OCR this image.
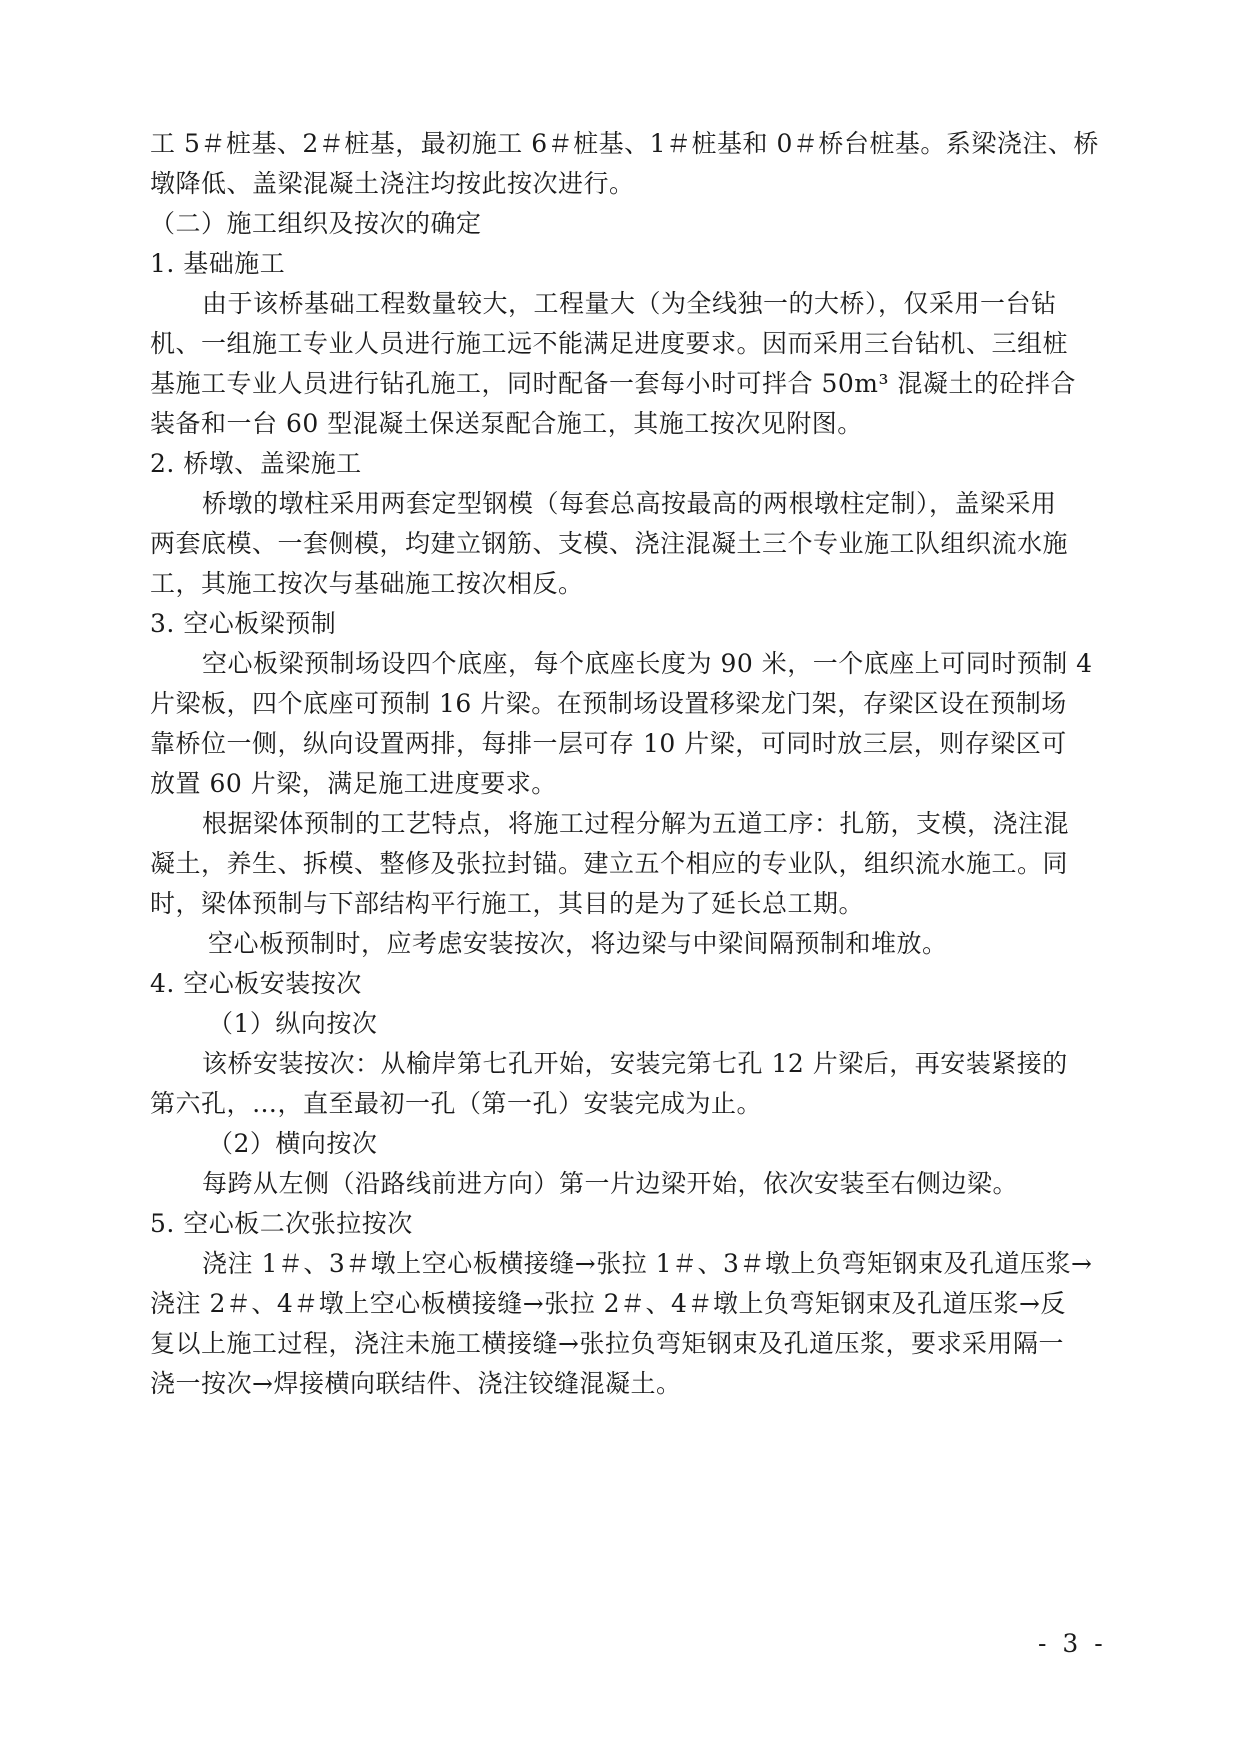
工 5＃桩基、2＃桩基，最初施工 6＃桩基、1＃桩基和 0＃桥台桩基。系梁浇注、桥
墩降低、盖梁混凝土浇注均按此按次进行。
（二）施工组织及按次的确定
1. 基础施工
由于该桥基础工程数量较大，工程量大（为全线独一的大桥），仅采用一台钻
机、一组施工专业人员进行施工远不能满足进度要求。因而采用三台钻机、三组桩
基施工专业人员进行钻孔施工，同时配备一套每小时可拌合 50m³ 混凝土的砼拌合
装备和一台 60 型混凝土保送泵配合施工，其施工按次见附图。
2. 桥墩、盖梁施工
桥墩的墩柱采用两套定型钢模（每套总高按最高的两根墩柱定制），盖梁采用
两套底模、一套侧模，均建立钢筋、支模、浇注混凝土三个专业施工队组织流水施
工，其施工按次与基础施工按次相反。
3. 空心板梁预制
空心板梁预制场设四个底座，每个底座长度为 90 米，一个底座上可同时预制 4
片梁板，四个底座可预制 16 片梁。在预制场设置移梁龙门架，存梁区设在预制场
靠桥位一侧，纵向设置两排，每排一层可存 10 片梁，可同时放三层，则存梁区可
放置 60 片梁，满足施工进度要求。
根据梁体预制的工艺特点，将施工过程分解为五道工序：扎筋，支模，浇注混
凝土，养生、拆模、整修及张拉封锚。建立五个相应的专业队，组织流水施工。同
时，梁体预制与下部结构平行施工，其目的是为了延长总工期。
空心板预制时，应考虑安装按次，将边梁与中梁间隔预制和堆放。
4. 空心板安装按次
（1）纵向按次
该桥安装按次：从榆岸第七孔开始，安装完第七孔 12 片梁后，再安装紧接的
第六孔，…，直至最初一孔（第一孔）安装完成为止。
（2）横向按次
每跨从左侧（沿路线前进方向）第一片边梁开始，依次安装至右侧边梁。
5. 空心板二次张拉按次
浇注 1＃、3＃墩上空心板横接缝→张拉 1＃、3＃墩上负弯矩钢束及孔道压浆→
浇注 2＃、4＃墩上空心板横接缝→张拉 2＃、4＃墩上负弯矩钢束及孔道压浆→反
复以上施工过程，浇注未施工横接缝→张拉负弯矩钢束及孔道压浆，要求采用隔一
浇一按次→焊接横向联结件、浇注铰缝混凝土。
- 3 -
